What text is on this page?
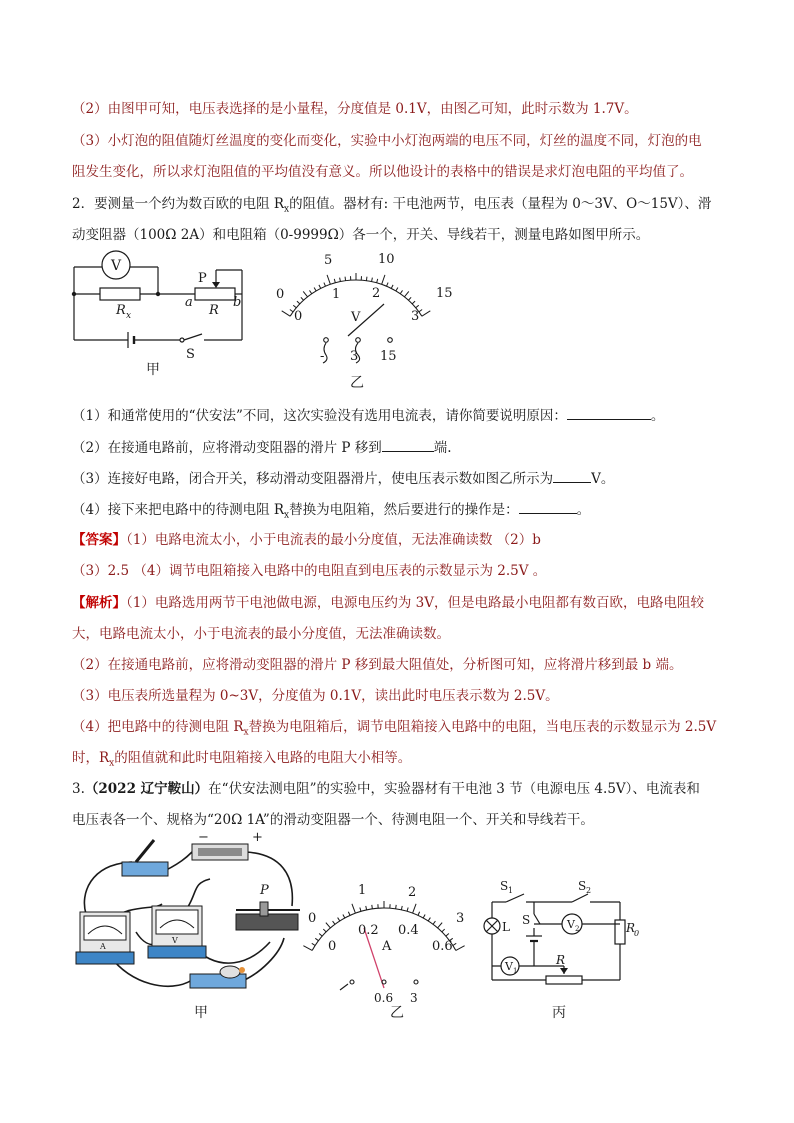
（2）由图甲可知，电压表选择的是小量程，分度值是 0.1V，由图乙可知，此时示数为 1.7V。
（3）小灯泡的阻值随灯丝温度的变化而变化，实验中小灯泡两端的电压不同，灯丝的温度不同，灯泡的电
阻发生变化，所以求灯泡阻值的平均值没有意义。所以他设计的表格中的错误是求灯泡电阻的平均值了。
2．要测量一个约为数百欧的电阻 $R_x$的阻值。器材有: 干电池两节，电压表（量程为 0～3V、O～15V）、滑
动变阻器（100Ω 2A）和电阻箱（0-9999Ω）各一个，开关、导线若干，测量电路如图甲所示。
V
R x
a	b
P
R
S
甲
0
5	10
15
0
1 2
3
V
- 3 15
乙
（1）和通常使用的“伏安法”不同，这次实验没有选用电流表，请你简要说明原因：	。
（2）在接通电路前，应将滑动变阻器的滑片 P 移到	端.
（3）连接好电路，闭合开关，移动滑动变阻器滑片，使电压表示数如图乙所示为	V。
（4）接下来把电路中的待测电阻 $R_x$替换为电阻箱，然后要进行的操作是：	。
【答案】（1）电路电流太小，小于电流表的最小分度值，无法准确读数 （2）b
（3）2.5 （4）调节电阻箱接入电路中的电阻直到电压表的示数显示为 2.5V 。
【解析】（1）电路选用两节干电池做电源，电源电压约为 3V，但是电路最小电阻都有数百欧，电路电阻较
大，电路电流太小，小于电流表的最小分度值，无法准确读数。
（2）在接通电路前，应将滑动变阻器的滑片 P 移到最大阻值处，分析图可知，应将滑片移到最 b 端。
（3）电压表所选量程为 0~3V，分度值为 0.1V，读出此时电压表示数为 2.5V。
（4）把电路中的待测电阻 $R_x$替换为电阻箱后，调节电阻箱接入电路中的电阻，当电压表的示数显示为 2.5V
时，$R_x$的阻值就和此时电阻箱接入电路的电阻大小相等。
3.（2022 辽宁鞍山）在“伏安法测电阻”的实验中，实验器材有干电池 3 节（电源电压 4.5V）、电流表和
电压表各一个、规格为“20Ω 1A”的滑动变阻器一个、待测电阻一个、开关和导线若干。
−	+
A
V
P
甲
0
1	2
3
0
0.2 0.4
0.6
A
0.6 3
乙
S 1	S 2
S
L	V 2
V 1
R
0
R
丙
